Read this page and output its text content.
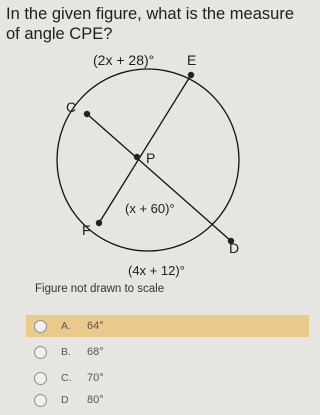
In the given figure, what is the measure of angle CPE?
(2x + 28)°
(x + 60)°
(4x + 12)°
E
C
P
F
D
Figure not drawn to scale
A.	64°
B.	68°
C.	70°
D	80°
